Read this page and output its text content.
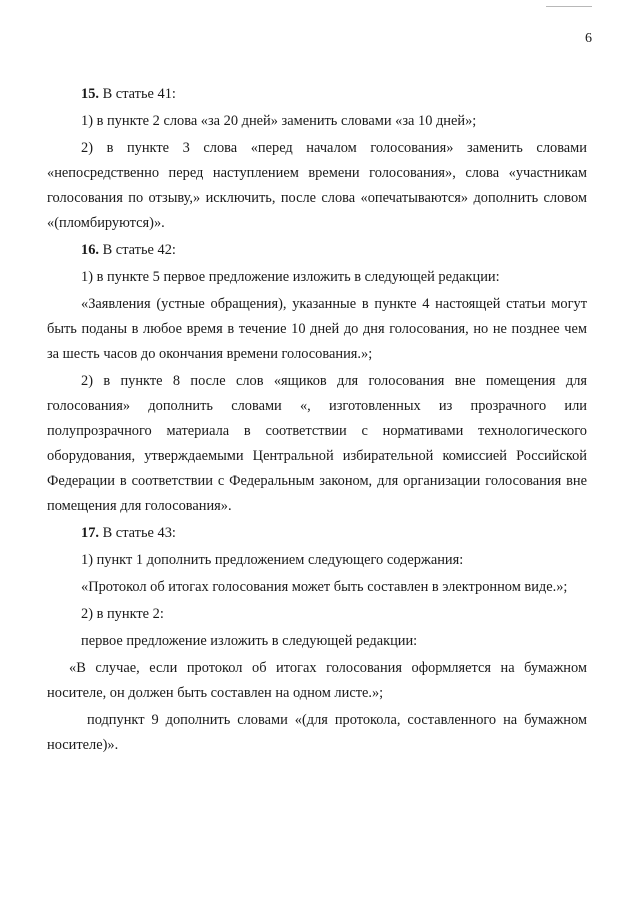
6

15. В статье 41:

1) в пункте 2 слова «за 20 дней» заменить словами «за 10 дней»;

2) в пункте 3 слова «перед началом голосования» заменить словами «непосредственно перед наступлением времени голосования», слова «участникам голосования по отзыву,» исключить, после слова «опечатываются» дополнить словом «(пломбируются)».

16. В статье 42:

1) в пункте 5 первое предложение изложить в следующей редакции:

«Заявления (устные обращения), указанные в пункте 4 настоящей статьи могут быть поданы в любое время в течение 10 дней до дня голосования, но не позднее чем за шесть часов до окончания времени голосования.»;

2) в пункте 8 после слов «ящиков для голосования вне помещения для голосования» дополнить словами «, изготовленных из прозрачного или полупрозрачного материала в соответствии с нормативами технологического оборудования, утверждаемыми Центральной избирательной комиссией Российской Федерации в соответствии с Федеральным законом, для организации голосования вне помещения для голосования».

17. В статье 43:

1) пункт 1 дополнить предложением следующего содержания:

«Протокол об итогах голосования может быть составлен в электронном виде.»;

2) в пункте 2:

первое предложение изложить в следующей редакции:

«В случае, если протокол об итогах голосования оформляется на бумажном носителе, он должен быть составлен на одном листе.»;

подпункт 9 дополнить словами «(для протокола, составленного на бумажном носителе)».
